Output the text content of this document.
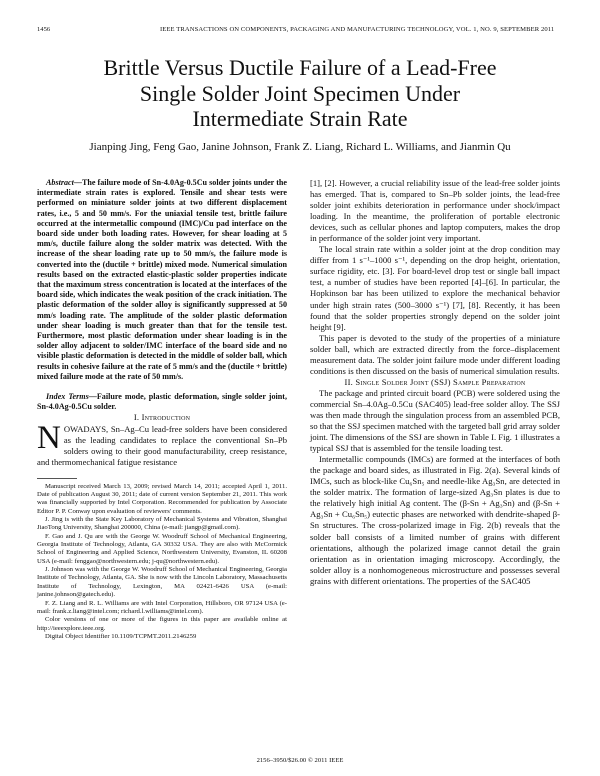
1456	IEEE TRANSACTIONS ON COMPONENTS, PACKAGING AND MANUFACTURING TECHNOLOGY, VOL. 1, NO. 9, SEPTEMBER 2011
Brittle Versus Ductile Failure of a Lead-Free
Single Solder Joint Specimen Under
Intermediate Strain Rate
Jianping Jing, Feng Gao, Janine Johnson, Frank Z. Liang, Richard L. Williams, and Jianmin Qu

Abstract—The failure mode of Sn-4.0Ag-0.5Cu solder joints under the intermediate strain rates is explored. Tensile and shear tests were performed on miniature solder joints at two different displacement rates, i.e., 5 and 50 mm/s. For the uniaxial tensile test, brittle failure occurred at the intermetallic compound (IMC)/Cu pad interface on the board side under both loading rates. However, for shear loading at 5 mm/s, ductile failure along the solder matrix was detected. With the increase of the shear loading rate up to 50 mm/s, the failure mode is converted into the (ductile + brittle) mixed mode. Numerical simulation results based on the extracted elastic-plastic solder properties indicate that the maximum stress concentration is located at the interfaces of the board side, which indicates the weak position of the crack initiation. The plastic deformation of the solder alloy is significantly suppressed at 50 mm/s loading rate. The amplitude of the solder plastic deformation under shear loading is much greater than that for the tensile test. Furthermore, most plastic deformation under shear loading is in the solder alloy adjacent to solder/IMC interface of the board side and no visible plastic deformation is detected in the middle of solder ball, which results in cohesive failure at the rate of 5 mm/s and the (ductile + brittle) mixed failure mode at the rate of 50 mm/s.

Index Terms—Failure mode, plastic deformation, single solder joint, Sn-4.0Ag-0.5Cu solder.

I. Introduction

NOWADAYS, Sn–Ag–Cu lead-free solders have been considered as the leading candidates to replace the conventional Sn–Pb solders owing to their good manufacturability, creep resistance, and thermomechanical fatigue resistance

Manuscript received March 13, 2009; revised March 14, 2011; accepted April 1, 2011. Date of publication August 30, 2011; date of current version September 21, 2011. This work was financially supported by Intel Corporation. Recommended for publication by Associate Editor P. P. Conway upon evaluation of reviewers' comments.

J. Jing is with the State Key Laboratory of Mechanical Systems and Vibration, Shanghai JiaoTong University, Shanghai 200000, China (e-mail: jiangp@gmail.com).

F. Gao and J. Qu are with the George W. Woodruff School of Mechanical Engineering, Georgia Institute of Technology, Atlanta, GA 30332 USA. They are also with McCormick School of Engineering and Applied Science, Northwestern University, Evanston, IL 60208 USA (e-mail: fenggao@northwestern.edu; j-qu@northwestern.edu).

J. Johnson was with the George W. Woodruff School of Mechanical Engineering, Georgia Institute of Technology, Atlanta, GA. She is now with the Lincoln Laboratory, Massachusetts Institute of Technology, Lexington, MA 02421-6426 USA (e-mail: janine.johnson@gatech.edu).

F. Z. Liang and R. L. Williams are with Intel Corporation, Hillsboro, OR 97124 USA (e-mail: frank.z.liang@intel.com; richard.l.williams@intel.com).

Color versions of one or more of the figures in this paper are available online at http://ieeexplore.ieee.org.

Digital Object Identifier 10.1109/TCPMT.2011.2146259

[1], [2]. However, a crucial reliability issue of the lead-free solder joints has emerged. That is, compared to Sn–Pb solder joints, the lead-free solder joint exhibits deterioration in performance under shock/impact loading. In the meantime, the proliferation of portable electronic devices, such as cellular phones and laptop computers, makes the drop in performance of the solder joint very important.

The local strain rate within a solder joint at the drop condition may differ from 1 s⁻¹–1000 s⁻¹, depending on the drop height, orientation, surface rigidity, etc. [3]. For board-level drop test or single ball impact test, a number of studies have been reported [4]–[6]. In particular, the Hopkinson bar has been utilized to explore the mechanical behavior under high strain rates (500–3000 s⁻¹) [7], [8]. Recently, it has been found that the solder properties strongly depend on the solder joint height [9].

This paper is devoted to the study of the properties of a miniature solder ball, which are extracted directly from the force–displacement measurement data. The solder joint failure mode under different loading conditions is then discussed on the basis of numerical simulation results.

II. Single Solder Joint (SSJ) Sample Preparation

The package and printed circuit board (PCB) were soldered using the commercial Sn–4.0Ag–0.5Cu (SAC405) lead-free solder alloy. The SSJ was then made through the singulation process from an assembled PCB, so that the SSJ specimen matched with the targeted ball grid array solder joint. The dimensions of the SSJ are shown in Table I. Fig. 1 illustrates a typical SSJ that is assembled for the tensile loading test.

Intermetallic compounds (IMCs) are formed at the interfaces of both the package and board sides, as illustrated in Fig. 2(a). Several kinds of IMCs, such as block-like Cu₆Sn₅ and needle-like Ag₃Sn, are detected in the solder matrix. The formation of large-sized Ag₃Sn plates is due to the relatively high initial Ag content. The (β-Sn + Ag₃Sn) and (β-Sn + Ag₃Sn + Cu₆Sn₅) eutectic phases are networked with dendrite-shaped β-Sn structures. The cross-polarized image in Fig. 2(b) reveals that the solder ball consists of a limited number of grains with different orientations, although the polarized image cannot detail the grain orientation as in orientation imaging microscopy. Accordingly, the solder alloy is a nonhomogeneous microstructure and possesses several grains with different orientations. The properties of the SAC405

2156–3950/$26.00 © 2011 IEEE
